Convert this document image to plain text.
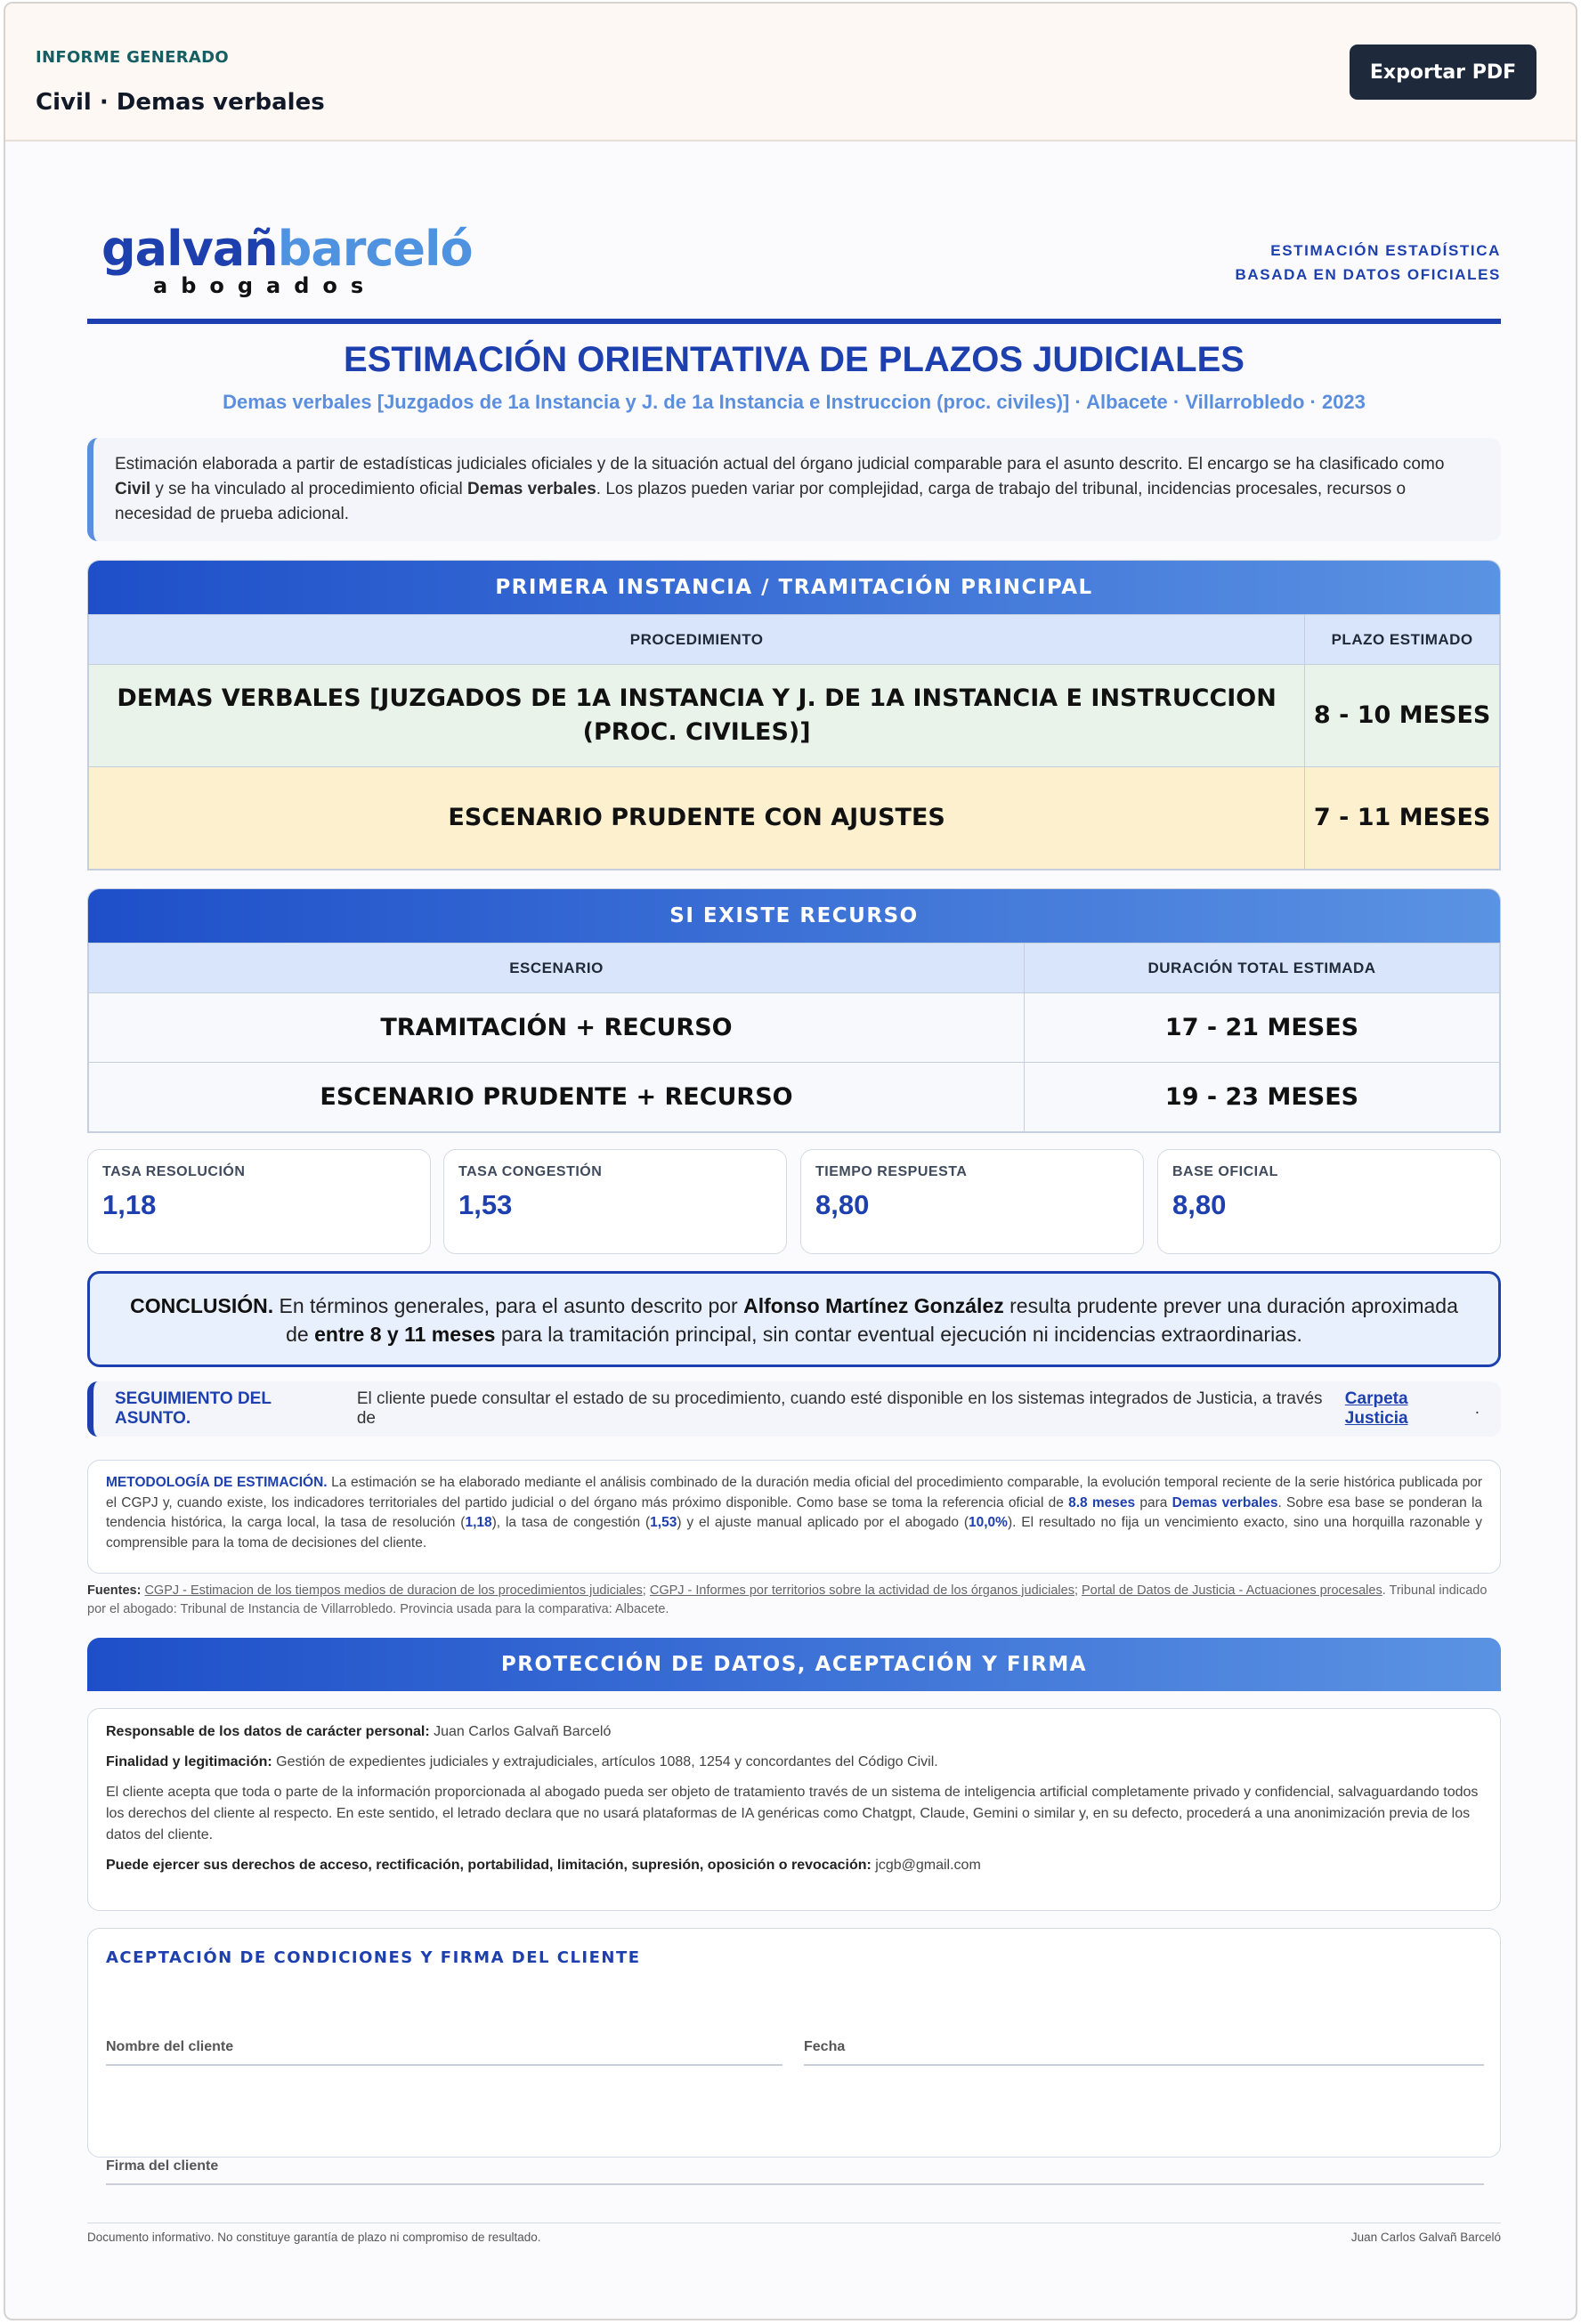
INFORME GENERADO
Civil · Demas verbales
Exportar PDF
galvañbarceló
abogados
ESTIMACIÓN ESTADÍSTICA
BASADA EN DATOS OFICIALES
ESTIMACIÓN ORIENTATIVA DE PLAZOS JUDICIALES
Demas verbales [Juzgados de 1a Instancia y J. de 1a Instancia e Instruccion (proc. civiles)] · Albacete · Villarrobledo · 2023
Estimación elaborada a partir de estadísticas judiciales oficiales y de la situación actual del órgano judicial comparable para el asunto descrito. El encargo se ha clasificado como Civil y se ha vinculado al procedimiento oficial Demas verbales. Los plazos pueden variar por complejidad, carga de trabajo del tribunal, incidencias procesales, recursos o necesidad de prueba adicional.
PRIMERA INSTANCIA / TRAMITACIÓN PRINCIPAL
PROCEDIMIENTO	PLAZO ESTIMADO
DEMAS VERBALES [JUZGADOS DE 1A INSTANCIA Y J. DE 1A INSTANCIA E INSTRUCCION (PROC. CIVILES)]	8 - 10 MESES
ESCENARIO PRUDENTE CON AJUSTES	7 - 11 MESES
SI EXISTE RECURSO
ESCENARIO	DURACIÓN TOTAL ESTIMADA
TRAMITACIÓN + RECURSO	17 - 21 MESES
ESCENARIO PRUDENTE + RECURSO	19 - 23 MESES
TASA RESOLUCIÓN
1,18
TASA CONGESTIÓN
1,53
TIEMPO RESPUESTA
8,80
BASE OFICIAL
8,80
CONCLUSIÓN. En términos generales, para el asunto descrito por Alfonso Martínez González resulta prudente prever una duración aproximada de entre 8 y 11 meses para la tramitación principal, sin contar eventual ejecución ni incidencias extraordinarias.
SEGUIMIENTO DEL ASUNTO.
El cliente puede consultar el estado de su procedimiento, cuando esté disponible en los sistemas integrados de Justicia, a través de

Carpeta Justicia
.
METODOLOGÍA DE ESTIMACIÓN. La estimación se ha elaborado mediante el análisis combinado de la duración media oficial del procedimiento comparable, la evolución temporal reciente de la serie histórica publicada por el CGPJ y, cuando existe, los indicadores territoriales del partido judicial o del órgano más próximo disponible. Como base se toma la referencia oficial de 8.8 meses para Demas verbales. Sobre esa base se ponderan la tendencia histórica, la carga local, la tasa de resolución (1,18), la tasa de congestión (1,53) y el ajuste manual aplicado por el abogado (10,0%). El resultado no fija un vencimiento exacto, sino una horquilla razonable y comprensible para la toma de decisiones del cliente.
Fuentes: CGPJ - Estimacion de los tiempos medios de duracion de los procedimientos judiciales; CGPJ - Informes por territorios sobre la actividad de los órganos judiciales; Portal de Datos de Justicia - Actuaciones procesales. Tribunal indicado por el abogado: Tribunal de Instancia de Villarrobledo. Provincia usada para la comparativa: Albacete.
PROTECCIÓN DE DATOS, ACEPTACIÓN Y FIRMA

Responsable de los datos de carácter personal: Juan Carlos Galvañ Barceló

Finalidad y legitimación: Gestión de expedientes judiciales y extrajudiciales, artículos 1088, 1254 y concordantes del Código Civil.

El cliente acepta que toda o parte de la información proporcionada al abogado pueda ser objeto de tratamiento través de un sistema de inteligencia artificial completamente privado y confidencial, salvaguardando todos los derechos del cliente al respecto. En este sentido, el letrado declara que no usará plataformas de IA genéricas como Chatgpt, Claude, Gemini o similar y, en su defecto, procederá a una anonimización previa de los datos del cliente.

Puede ejercer sus derechos de acceso, rectificación, portabilidad, limitación, supresión, oposición o revocación: jcgb@gmail.com

ACEPTACIÓN DE CONDICIONES Y FIRMA DEL CLIENTE
Nombre del cliente	Fecha
Firma del cliente
Documento informativo. No constituye garantía de plazo ni compromiso de resultado.	Juan Carlos Galvañ Barceló
